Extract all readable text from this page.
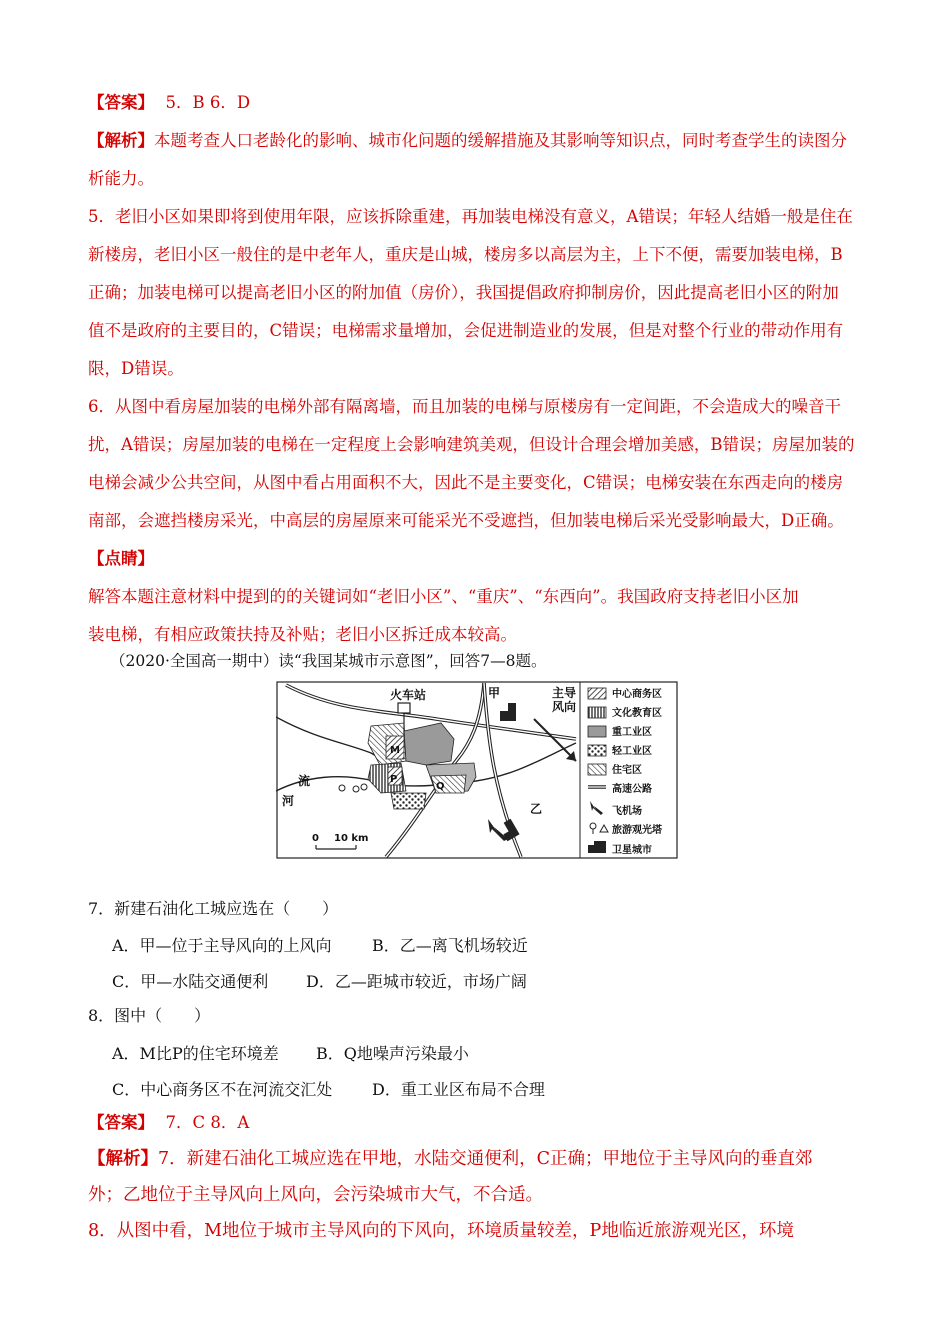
【答案】 5．B 6．D
【解析】本题考查人口老龄化的影响、城市化问题的缓解措施及其影响等知识点，同时考查学生的读图分
析能力。
5．老旧小区如果即将到使用年限，应该拆除重建，再加装电梯没有意义，A错误；年轻人结婚一般是住在
新楼房，老旧小区一般住的是中老年人，重庆是山城，楼房多以高层为主，上下不便，需要加装电梯，B
正确；加装电梯可以提高老旧小区的附加值（房价），我国提倡政府抑制房价，因此提高老旧小区的附加
值不是政府的主要目的，C错误；电梯需求量增加，会促进制造业的发展，但是对整个行业的带动作用有
限，D错误。
6．从图中看房屋加装的电梯外部有隔离墙，而且加装的电梯与原楼房有一定间距，不会造成大的噪音干
扰，A错误；房屋加装的电梯在一定程度上会影响建筑美观，但设计合理会增加美感，B错误；房屋加装的
电梯会减少公共空间，从图中看占用面积不大，因此不是主要变化，C错误；电梯安装在东西走向的楼房
南部，会遮挡楼房采光，中高层的房屋原来可能采光不受遮挡，但加装电梯后采光受影响最大，D正确。
【点睛】
解答本题注意材料中提到的的关键词如“老旧小区”、“重庆”、“东西向”。我国政府支持老旧小区加
装电梯，有相应政策扶持及补贴；老旧小区拆迁成本较高。
（2020·全国高一期中）读“我国某城市示意图”，回答7—8题。
火车站	甲
乙
主导
风向
河
流
M
P
Q
0 10 km
中心商务区
文化教育区
重工业区
轻工业区
住宅区
高速公路
飞机场
旅游观光塔
卫星城市
7．新建石油化工城应选在（　　）
A．甲—位于主导风向的上风向	B．乙—离飞机场较近
C．甲—水陆交通便利 D．乙—距城市较近，市场广阔
8．图中（　　）
A．M比P的住宅环境差 B．Q地噪声污染最小
C．中心商务区不在河流交汇处 D．重工业区布局不合理
【答案】 7．C 8．A
【解析】7．新建石油化工城应选在甲地，水陆交通便利，C正确；甲地位于主导风向的垂直郊
外；乙地位于主导风向上风向，会污染城市大气，不合适。
8．从图中看，M地位于城市主导风向的下风向，环境质量较差，P地临近旅游观光区，环境
